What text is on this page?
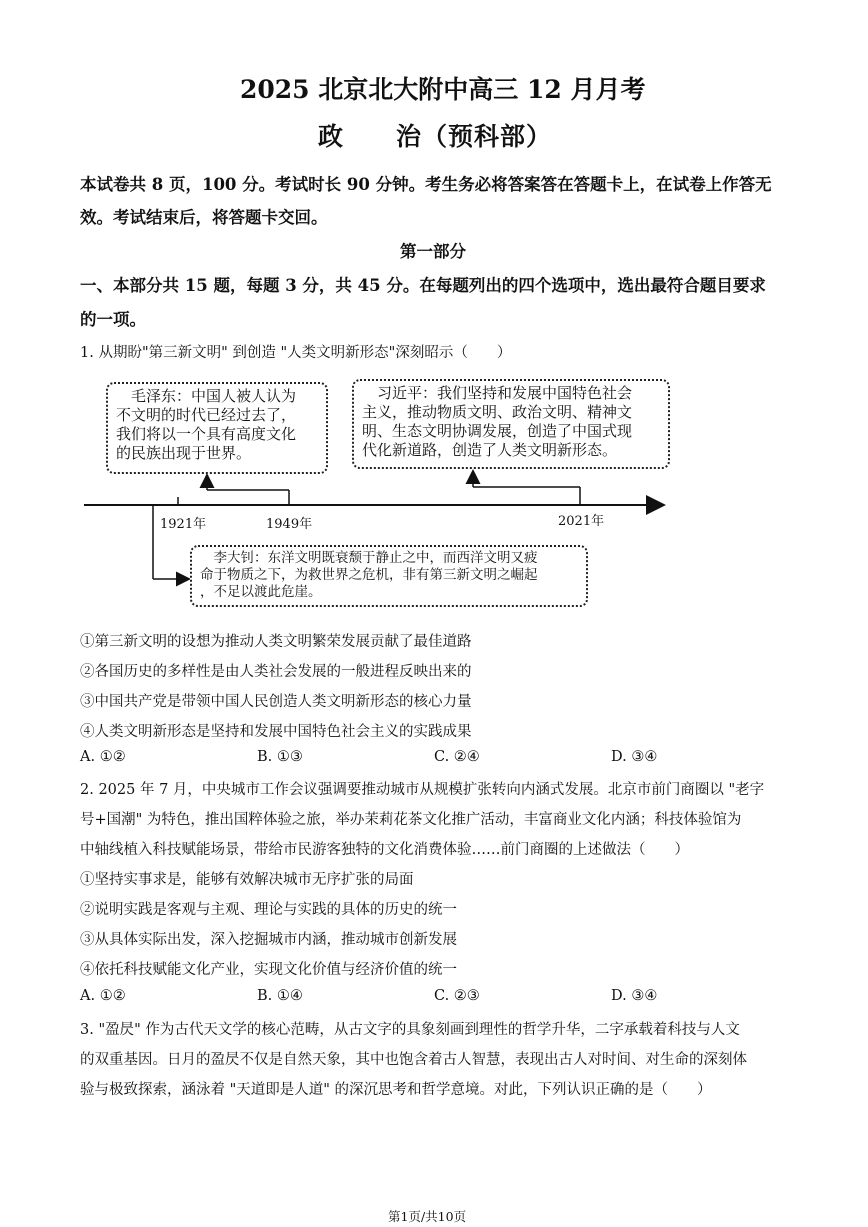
2025 北京北大附中高三 12 月月考
政　　治（预科部）
本试卷共 8 页，100 分。考试时长 90 分钟。考生务必将答案答在答题卡上，在试卷上作答无
效。考试结束后，将答题卡交回。
第一部分
一、本部分共 15 题，每题 3 分，共 45 分。在每题列出的四个选项中，选出最符合题目要求
的一项。
1. 从期盼"第三新文明" 到创造 "人类文明新形态"深刻昭示（　　）

　毛泽东：中国人被人认为

不文明的时代已经过去了，

我们将以一个具有高度文化

的民族出现于世界。

　习近平：我们坚持和发展中国特色社会

主义，推动物质文明、政治文明、精神文

明、生态文明协调发展，创造了中国式现

代化新道路，创造了人类文明新形态。

1921年	1949年	2021年

　李大钊：东洋文明既衰颓于静止之中，而西洋文明又疲

命于物质之下，为救世界之危机，非有第三新文明之崛起

，不足以渡此危崖。

①第三新文明的设想为推动人类文明繁荣发展贡献了最佳道路
②各国历史的多样性是由人类社会发展的一般进程反映出来的
③中国共产党是带领中国人民创造人类文明新形态的核心力量
④人类文明新形态是坚持和发展中国特色社会主义的实践成果
A. ①②	B. ①③	C. ②④	D. ③④
2. 2025 年 7 月，中央城市工作会议强调要推动城市从规模扩张转向内涵式发展。北京市前门商圈以 "老字
号+国潮" 为特色，推出国粹体验之旅，举办茉莉花茶文化推广活动，丰富商业文化内涵；科技体验馆为
中轴线植入科技赋能场景，带给市民游客独特的文化消费体验……前门商圈的上述做法（　　）
①坚持实事求是，能够有效解决城市无序扩张的局面
②说明实践是客观与主观、理论与实践的具体的历史的统一
③从具体实际出发，深入挖掘城市内涵，推动城市创新发展
④依托科技赋能文化产业，实现文化价值与经济价值的统一
A. ①②	B. ①④	C. ②③	D. ③④
3. "盈昃" 作为古代天文学的核心范畴，从古文字的具象刻画到理性的哲学升华，二字承载着科技与人文
的双重基因。日月的盈昃不仅是自然天象，其中也饱含着古人智慧，表现出古人对时间、对生命的深刻体
验与极致探索，涵泳着 "天道即是人道" 的深沉思考和哲学意境。对此，下列认识正确的是（　　）
第1页/共10页
